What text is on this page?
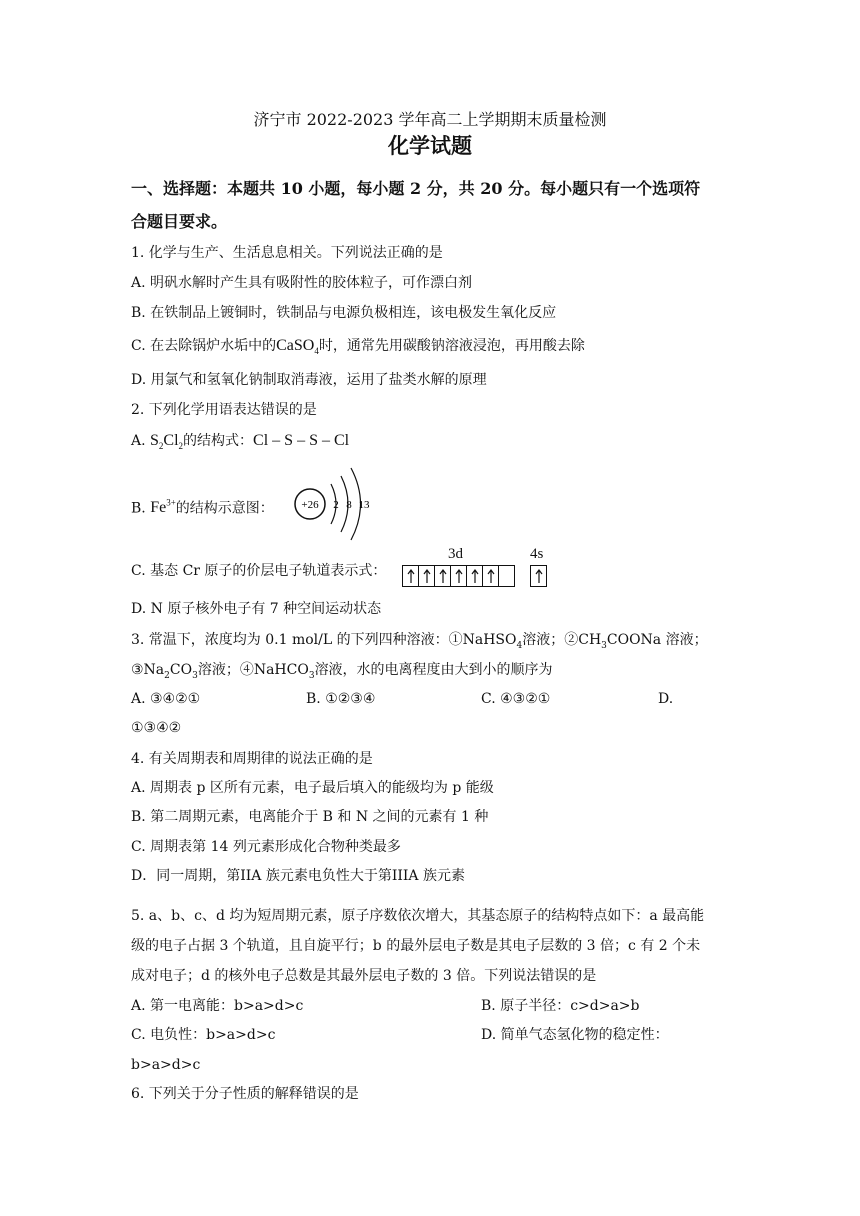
济宁市 2022-2023 学年高二上学期期末质量检测
化学试题
一、选择题：本题共 10 小题，每小题 2 分，共 20 分。每小题只有一个选项符
合题目要求。
1. 化学与生产、生活息息相关。下列说法正确的是
A. 明矾水解时产生具有吸附性的胶体粒子，可作漂白剂
B. 在铁制品上镀铜时，铁制品与电源负极相连，该电极发生氧化反应
C. 在去除锅炉水垢中的CaSO$_4$时，通常先用碳酸钠溶液浸泡，再用酸去除
D. 用氯气和氢氧化钠制取消毒液，运用了盐类水解的原理
2. 下列化学用语表达错误的是
A. $S_2Cl_2$的结构式：Cl – S – S – Cl
B. $Fe^{3+}$的结构示意图：	+26 2 8 13
C. 基态 Cr 原子的价层电子轨道表示式：
3d	4s
D. N 原子核外电子有 7 种空间运动状态
3. 常温下，浓度均为 0.1 mol/L 的下列四种溶液：①NaHSO$_4$溶液；$②CH_3COONa$ 溶液；
$③Na_2CO_3$溶液；④NaHCO$_3$溶液，水的电离程度由大到小的顺序为
A. ③④②①	B. ①②③④	C. ④③②①	D.
①③④②
4. 有关周期表和周期律的说法正确的是
A. 周期表 p 区所有元素，电子最后填入的能级均为 p 能级
B. 第二周期元素，电离能介于 B 和 N 之间的元素有 1 种
C. 周期表第 14 列元素形成化合物种类最多
D．同一周期，第IIA 族元素电负性大于第IIIA 族元素
5. a、b、c、d 均为短周期元素，原子序数依次增大，其基态原子的结构特点如下：a 最高能
级的电子占据 3 个轨道，且自旋平行；b 的最外层电子数是其电子层数的 3 倍；c 有 2 个未
成对电子；d 的核外电子总数是其最外层电子数的 3 倍。下列说法错误的是
A. 第一电离能：b>a>d>c	B. 原子半径：c>d>a>b
C. 电负性：b>a>d>c	D. 简单气态氢化物的稳定性：
b>a>d>c
6. 下列关于分子性质的解释错误的是
